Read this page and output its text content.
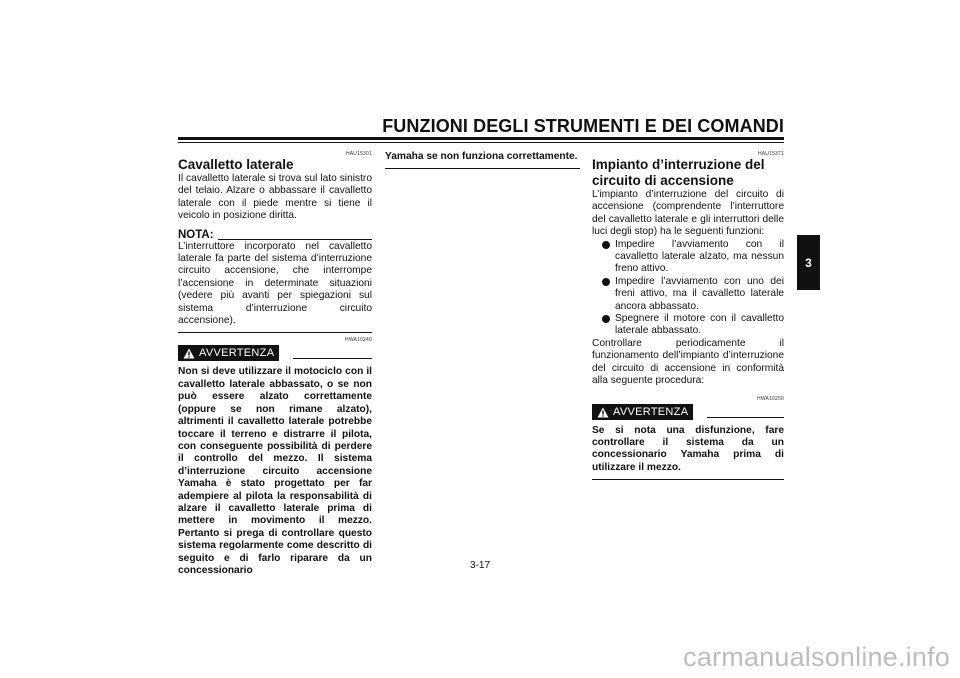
FUNZIONI DEGLI STRUMENTI E DEI COMANDI
3
HAU15301
Cavalletto laterale

Il cavalletto laterale si trova sul lato sinistro del telaio. Alzare o abbassare il cavalletto laterale con il piede mentre si tiene il veicolo in posizione diritta.

NOTA:

L’interruttore incorporato nel cavalletto laterale fa parte del sistema d’interruzione circuito accensione, che interrompe l’accensione in determinate situazioni (vedere più avanti per spiegazioni sul sistema d’interruzione circuito accensione).

HWA10240
AVVERTENZA

Non si deve utilizzare il motociclo con il cavalletto laterale abbassato, o se non può essere alzato correttamente (oppure se non rimane alzato), altrimenti il cavalletto laterale potrebbe toccare il terreno e distrarre il pilota, con conseguente possibilità di perdere il controllo del mezzo. Il sistema d’interruzione circuito accensione Yamaha è stato progettato per far adempiere al pilota la responsabilità di alzare il cavalletto laterale prima di mettere in movimento il mezzo. Pertanto si prega di controllare questo sistema regolarmente come descritto di seguito e di farlo riparare da un concessionario

Yamaha se non funziona correttamente.	HAU15371
Impianto d’interruzione del circuito di accensione

L’impianto d’interruzione del circuito di accensione (comprendente l’interruttore del cavalletto laterale e gli interruttori delle luci degli stop) ha le seguenti funzioni:

Impedire l’avviamento con il cavalletto laterale alzato, ma nessun freno attivo.
Impedire l’avviamento con uno dei freni attivo, ma il cavalletto laterale ancora abbassato.
Spegnere il motore con il cavalletto laterale abbassato.

Controllare periodicamente il funzionamento dell’impianto d’interruzione del circuito di accensione in conformità alla seguente procedura:

HWA10250
AVVERTENZA

Se si nota una disfunzione, fare controllare il sistema da un concessionario Yamaha prima di utilizzare il mezzo.

3-17
carmanualsonline.info
